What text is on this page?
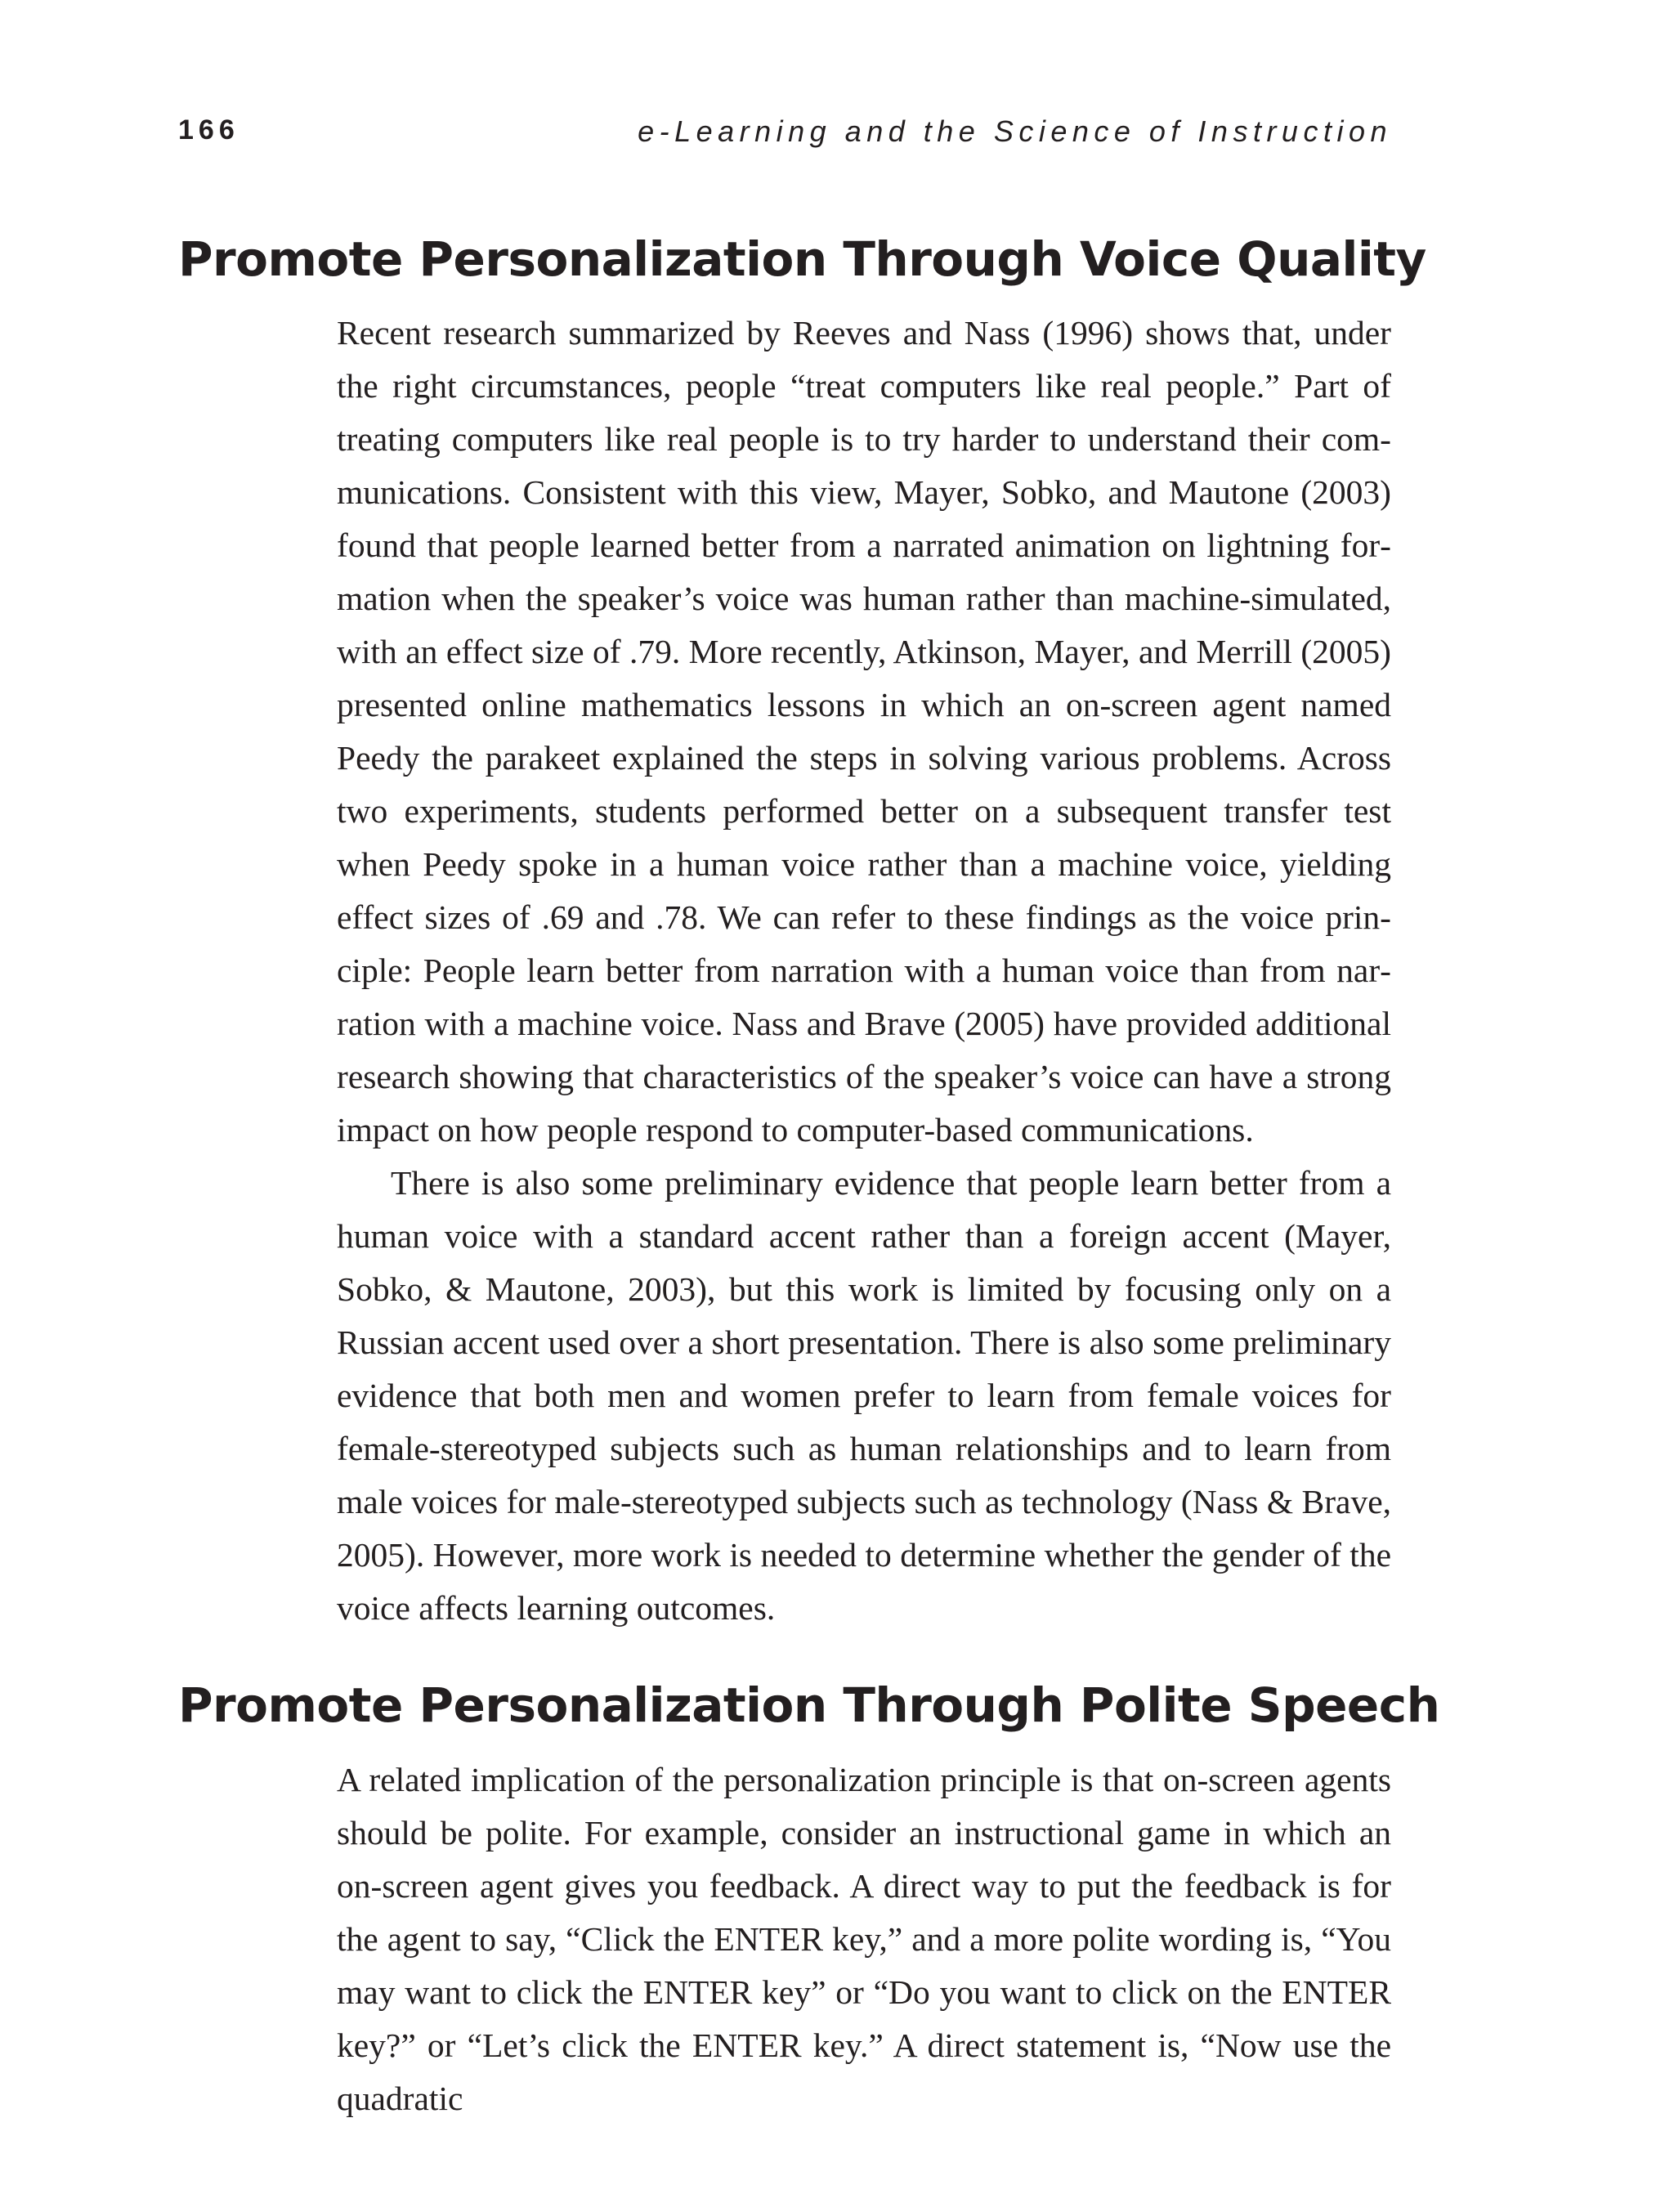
166	e-Learning and the Science of Instruction
Promote Personalization Through Voice Quality

Recent research summarized by Reeves and Nass (1996) shows that, under the right circumstances, people “treat computers like real people.” Part of treating computers like real people is to try harder to understand their communications. Consistent with this view, Mayer, Sobko, and Mautone (2003) found that people learned better from a narrated animation on lightning formation when the speaker’s voice was human rather than machine-simulated, with an effect size of .79. More recently, Atkinson, Mayer, and Merrill (2005) presented online mathematics lessons in which an on-screen agent named Peedy the parakeet explained the steps in solving various problems. Across two experiments, students performed better on a subsequent transfer test when Peedy spoke in a human voice rather than a machine voice, yielding effect sizes of .69 and .78. We can refer to these findings as the voice principle: People learn better from narration with a human voice than from narration with a machine voice. Nass and Brave (2005) have provided additional research showing that characteristics of the speaker’s voice can have a strong impact on how people respond to computer-based communications.

There is also some preliminary evidence that people learn better from a human voice with a standard accent rather than a foreign accent (Mayer, Sobko, & Mautone, 2003), but this work is limited by focusing only on a Russian accent used over a short presentation. There is also some preliminary evidence that both men and women prefer to learn from female voices for female-stereotyped subjects such as human relationships and to learn from male voices for male-stereotyped subjects such as technology (Nass & Brave, 2005). However, more work is needed to determine whether the gender of the voice affects learning outcomes.

Promote Personalization Through Polite Speech

A related implication of the personalization principle is that on-screen agents should be polite. For example, consider an instructional game in which an on-screen agent gives you feedback. A direct way to put the feedback is for the agent to say, “Click the ENTER key,” and a more polite wording is, “You may want to click the ENTER key” or “Do you want to click on the ENTER key?” or “Let’s click the ENTER key.” A direct statement is, “Now use the quadratic
